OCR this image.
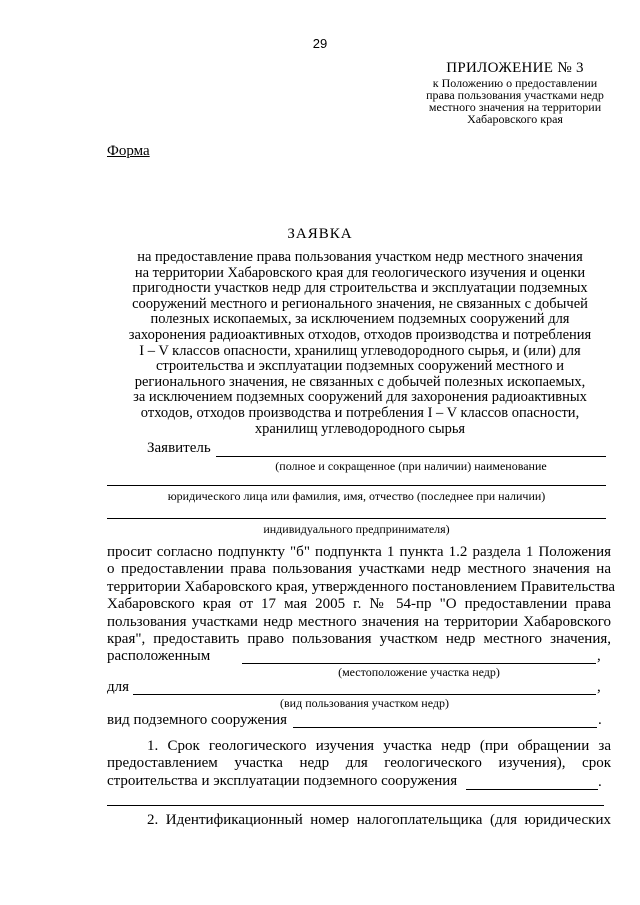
29
ПРИЛОЖЕНИЕ № 3
к Положению о предоставлении
права пользования участками недр
местного значения на территории
Хабаровского края
Форма
ЗАЯВКА
на предоставление права пользования участком недр местного значения
на территории Хабаровского края для геологического изучения и оценки
пригодности участков недр для строительства и эксплуатации подземных
сооружений местного и регионального значения, не связанных с добычей
полезных ископаемых, за исключением подземных сооружений для
захоронения радиоактивных отходов, отходов производства и потребления
I – V классов опасности, хранилищ углеводородного сырья, и (или) для
строительства и эксплуатации подземных сооружений местного и
регионального значения, не связанных с добычей полезных ископаемых,
за исключением подземных сооружений для захоронения радиоактивных
отходов, отходов производства и потребления I – V классов опасности,
хранилищ углеводородного сырья
Заявитель
(полное и сокращенное (при наличии) наименование
юридического лица или фамилия, имя, отчество (последнее при наличии)
индивидуального предпринимателя)
просит согласно подпункту "б" подпункта 1 пункта 1.2 раздела 1 Положения
о предоставлении права пользования участками недр местного значения на
территории Хабаровского края, утвержденного постановлением Правительства
Хабаровского края от 17 мая 2005 г. № 54-пр "О предоставлении права
пользования участками недр местного значения на территории Хабаровского
края", предоставить право пользования участком недр местного значения,
расположенным	,
(местоположение участка недр)
для	,
(вид пользования участком недр)
вид подземного сооружения	.
1. Срок геологического изучения участка недр (при обращении за
предоставлением участка недр для геологического изучения), срок
строительства и эксплуатации подземного сооружения	.
2. Идентификационный номер налогоплательщика (для юридических
